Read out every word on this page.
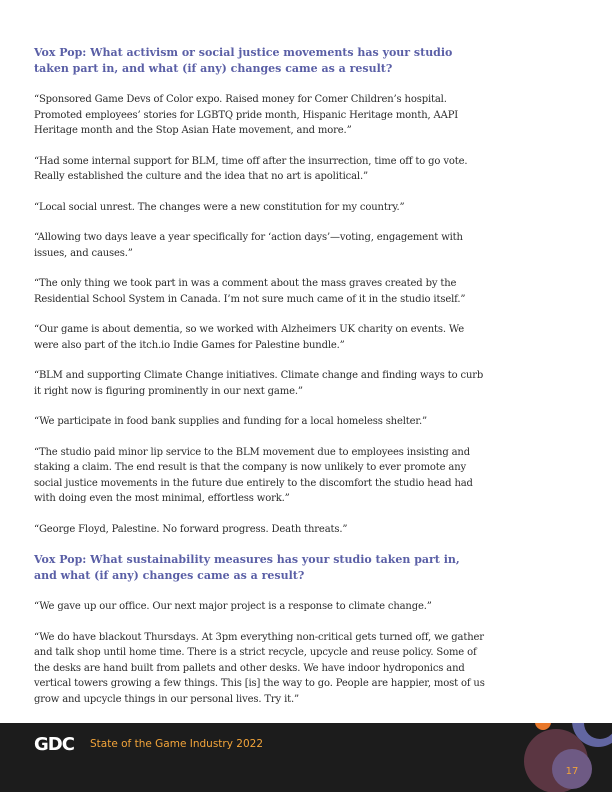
Vox Pop: What activism or social justice movements has your studio taken part in, and what (if any) changes came as a result?

“Sponsored Game Devs of Color expo. Raised money for Comer Children’s hospital. Promoted employees’ stories for LGBTQ pride month, Hispanic Heritage month, AAPI Heritage month and the Stop Asian Hate movement, and more.”

“Had some internal support for BLM, time off after the insurrection, time off to go vote. Really established the culture and the idea that no art is apolitical.”

“Local social unrest. The changes were a new constitution for my country.”

“Allowing two days leave a year specifically for ‘action days’—voting, engagement with issues, and causes.”

“The only thing we took part in was a comment about the mass graves created by the Residential School System in Canada. I’m not sure much came of it in the studio itself.”

“Our game is about dementia, so we worked with Alzheimers UK charity on events. We were also part of the itch.io Indie Games for Palestine bundle.”

“BLM and supporting Climate Change initiatives. Climate change and finding ways to curb it right now is figuring prominently in our next game.”

“We participate in food bank supplies and funding for a local homeless shelter.”

“The studio paid minor lip service to the BLM movement due to employees insisting and staking a claim. The end result is that the company is now unlikely to ever promote any social justice movements in the future due entirely to the discomfort the studio head had with doing even the most minimal, effortless work.”

“George Floyd, Palestine. No forward progress. Death threats.”

Vox Pop: What sustainability measures has your studio taken part in, and what (if any) changes came as a result?

“We gave up our office. Our next major project is a response to climate change.”

“We do have blackout Thursdays. At 3pm everything non-critical gets turned off, we gather and talk shop until home time. There is a strict recycle, upcycle and reuse policy. Some of the desks are hand built from pallets and other desks. We have indoor hydroponics and vertical towers growing a few things. This [is] the way to go. People are happier, most of us grow and upcycle things in our personal lives. Try it.”

GDC State of the Game Industry 2022
17
